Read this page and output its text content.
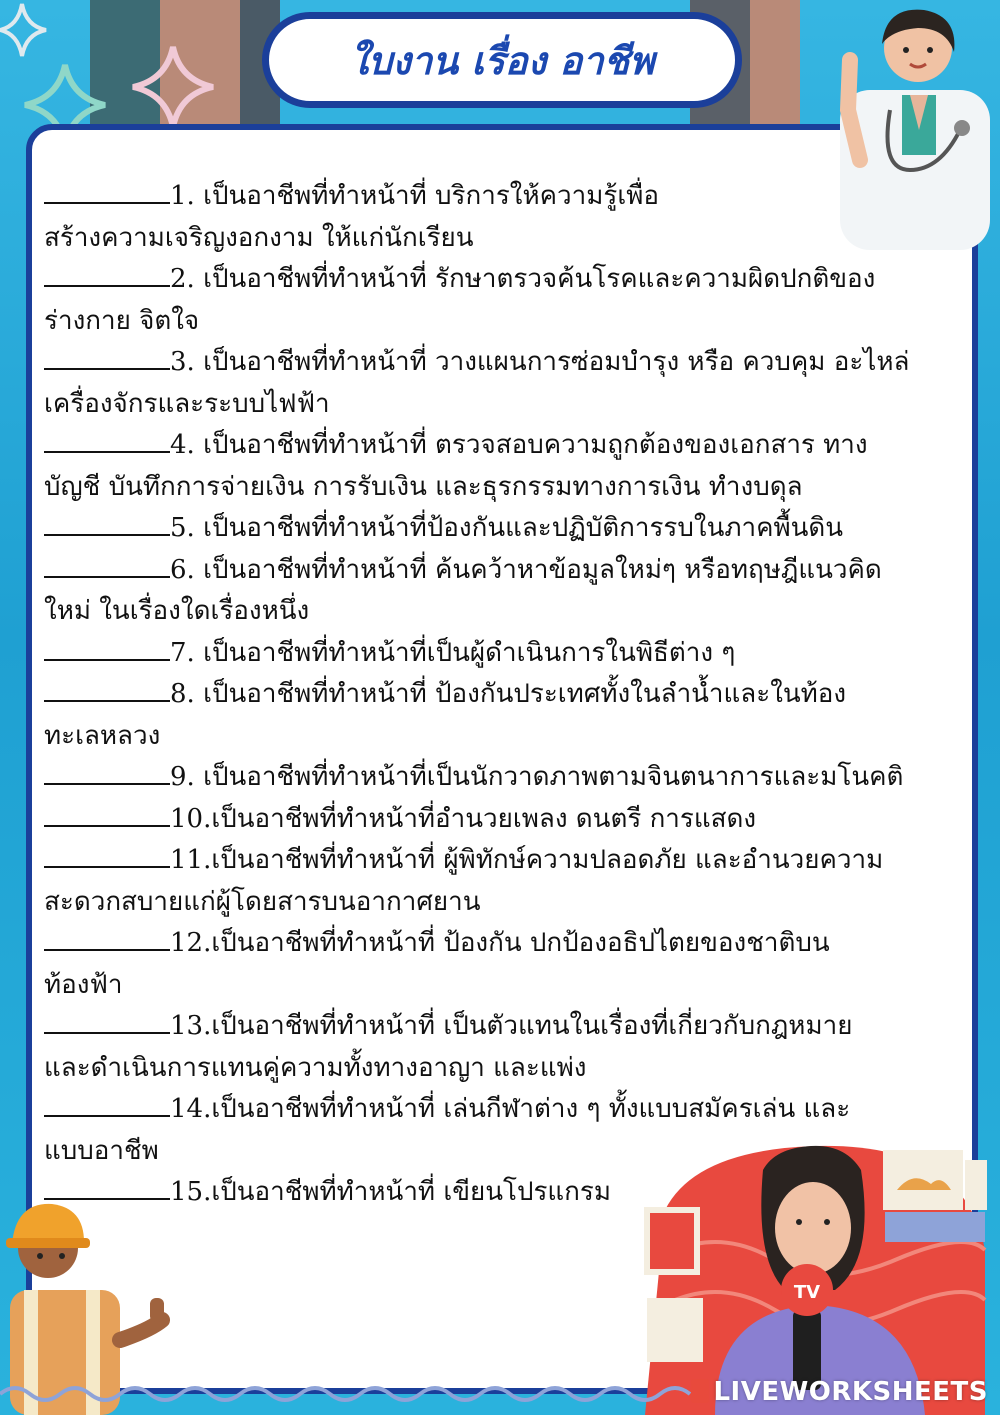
ใบงาน เรื่อง อาชีพ
1. เป็นอาชีพที่ทำหน้าที่ บริการให้ความรู้เพื่อ
สร้างความเจริญงอกงาม ให้แก่นักเรียน
2. เป็นอาชีพที่ทำหน้าที่ รักษาตรวจค้นโรคและความผิดปกติของ
ร่างกาย จิตใจ
3. เป็นอาชีพที่ทำหน้าที่ วางแผนการซ่อมบำรุง หรือ ควบคุม อะไหล่
เครื่องจักรและระบบไฟฟ้า
4. เป็นอาชีพที่ทำหน้าที่ ตรวจสอบความถูกต้องของเอกสาร ทาง
บัญชี บันทึกการจ่ายเงิน การรับเงิน และธุรกรรมทางการเงิน ทำงบดุล
5. เป็นอาชีพที่ทำหน้าที่ป้องกันและปฏิบัติการรบในภาคพื้นดิน
6. เป็นอาชีพที่ทำหน้าที่ ค้นคว้าหาข้อมูลใหม่ๆ หรือทฤษฎีแนวคิด
ใหม่ ในเรื่องใดเรื่องหนึ่ง
7. เป็นอาชีพที่ทำหน้าที่เป็นผู้ดำเนินการในพิธีต่าง ๆ
8. เป็นอาชีพที่ทำหน้าที่ ป้องกันประเทศทั้งในลำน้ำและในท้อง
ทะเลหลวง
9. เป็นอาชีพที่ทำหน้าที่เป็นนักวาดภาพตามจินตนาการและมโนคติ
10.เป็นอาชีพที่ทำหน้าที่อำนวยเพลง ดนตรี การแสดง
11.เป็นอาชีพที่ทำหน้าที่ ผู้พิทักษ์ความปลอดภัย และอำนวยความ
สะดวกสบายแก่ผู้โดยสารบนอากาศยาน
12.เป็นอาชีพที่ทำหน้าที่ ป้องกัน ปกป้องอธิปไตยของชาติบน
ท้องฟ้า
13.เป็นอาชีพที่ทำหน้าที่ เป็นตัวแทนในเรื่องที่เกี่ยวกับกฎหมาย
และดำเนินการแทนคู่ความทั้งทางอาญา และแพ่ง
14.เป็นอาชีพที่ทำหน้าที่ เล่นกีฬาต่าง ๆ ทั้งแบบสมัครเล่น และ
แบบอาชีพ
15.เป็นอาชีพที่ทำหน้าที่ เขียนโปรแกรม
TV
LIVEWORKSHEETS
